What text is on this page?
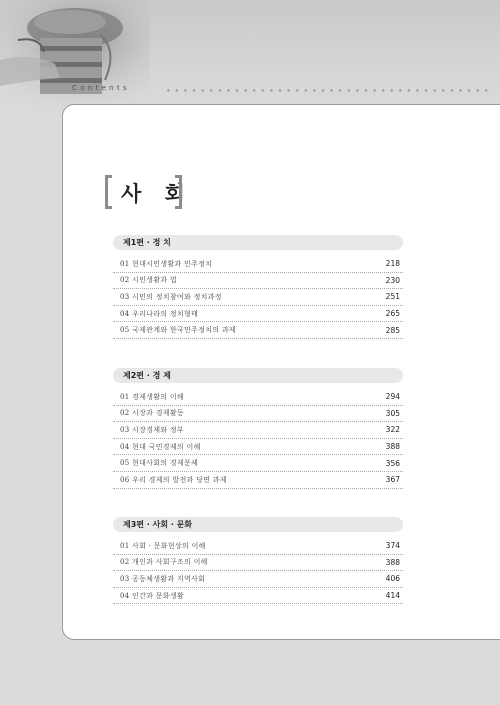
Contents
사 회
제1편 · 정 치
01 현대시민생활과 민주정치	218
02 시민생활과 법	230
03 시민의 정치참여와 정치과정	251
04 우리나라의 정치형태	265
05 국제관계와 한국민주정치의 과제	285
제2편 · 경 제
01 경제생활의 이해	294
02 시장과 경제활동	305
03 시장경제와 정부	322
04 현대 국민경제의 이해	388
05 현대사회의 경제문제	356
06 우리 경제의 발전과 당면 과제	367
제3편 · 사회 · 문화
01 사회 · 문화현상의 이해	374
02 개인과 사회구조의 이해	388
03 공동체생활과 지역사회	406
04 인간과 문화생활	414
